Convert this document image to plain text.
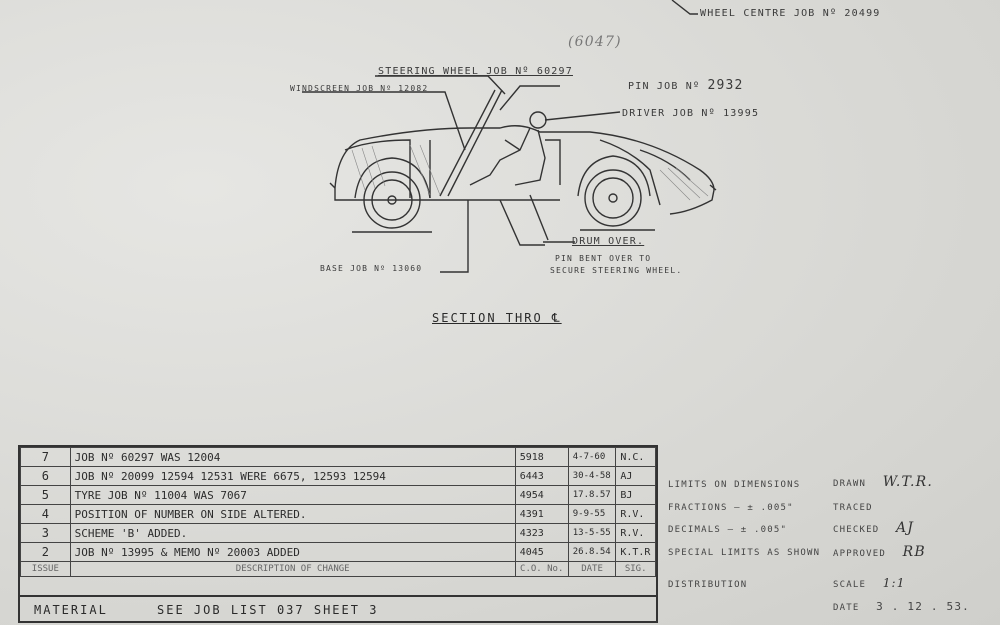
WHEEL CENTRE JOB Nº 20499
(6047)
STEERING WHEEL JOB Nº 60297
WINDSCREEN JOB Nº 12082	PIN JOB Nº 2932
DRIVER JOB Nº 13995
DRUM OVER.
PIN BENT OVER TO
SECURE STEERING WHEEL.
BASE JOB Nº 13060
SECTION THRO ℄
7	JOB Nº 60297 WAS 12004	5918	4-7-60	N.C.
6	JOB Nº 20099 12594 12531 WERE 6675, 12593 12594	6443	30-4-58	AJ
5	TYRE JOB Nº 11004 WAS 7067	4954	17.8.57	BJ
4	POSITION OF NUMBER ON SIDE ALTERED.	4391	9-9-55	R.V.
3	SCHEME 'B' ADDED.	4323	13-5-55	R.V.
2	JOB Nº 13995 & MEMO Nº 20003 ADDED	4045	26.8.54	K.T.R
ISSUE	DESCRIPTION OF CHANGE	C.O. No.	DATE	SIG.
MATERIAL	SEE JOB LIST 037 SHEET 3
LIMITS ON DIMENSIONS
FRACTIONS — ± .005"
DECIMALS — ± .005"
SPECIAL LIMITS AS SHOWN
DISTRIBUTION
DRAWN W.T.R.
TRACED
CHECKED AJ
APPROVED RB
SCALE 1:1
DATE 3 . 12 . 53.
